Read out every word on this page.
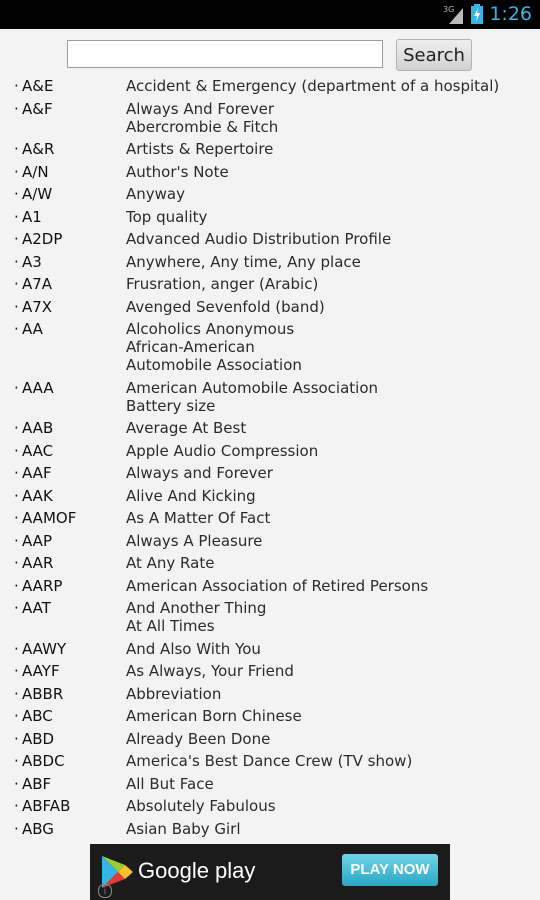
3G 1:26
Search
· A&E	Accident & Emergency (department of a hospital)
· A&F	Always And Forever
Abercrombie & Fitch
· A&R	Artists & Repertoire
· A/N	Author's Note
· A/W	Anyway
· A1	Top quality
· A2DP	Advanced Audio Distribution Profile
· A3	Anywhere, Any time, Any place
· A7A	Frusration, anger (Arabic)
· A7X	Avenged Sevenfold (band)
· AA	Alcoholics Anonymous
African-American
Automobile Association
· AAA	American Automobile Association
Battery size
· AAB	Average At Best
· AAC	Apple Audio Compression
· AAF	Always and Forever
· AAK	Alive And Kicking
· AAMOF	As A Matter Of Fact
· AAP	Always A Pleasure
· AAR	At Any Rate
· AARP	American Association of Retired Persons
· AAT	And Another Thing
At All Times
· AAWY	And Also With You
· AAYF	As Always, Your Friend
· ABBR	Abbreviation
· ABC	American Born Chinese
· ABD	Already Been Done
· ABDC	America's Best Dance Crew (TV show)
· ABF	All But Face
· ABFAB	Absolutely Fabulous
· ABG	Asian Baby Girl
Google play	PLAY NOW
i
